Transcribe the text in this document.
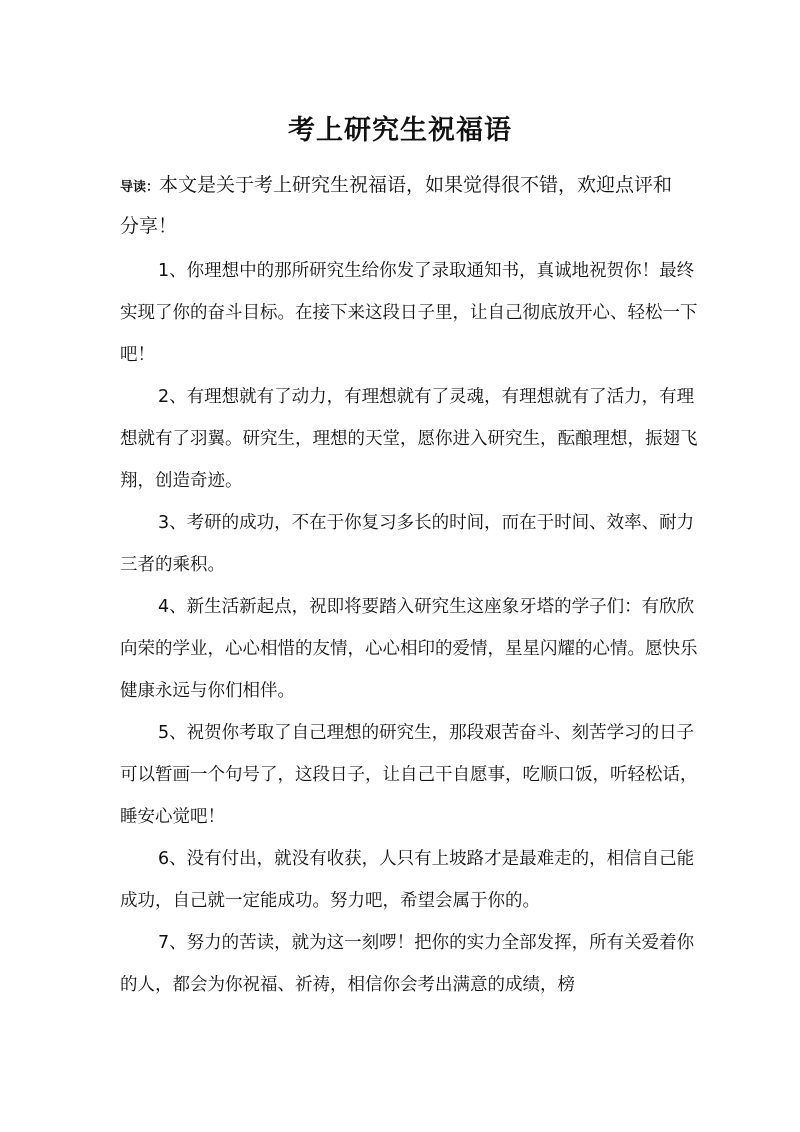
考上研究生祝福语

导读：本文是关于考上研究生祝福语，如果觉得很不错，欢迎点评和分享！

1、你理想中的那所研究生给你发了录取通知书，真诚地祝贺你！最终实现了你的奋斗目标。在接下来这段日子里，让自己彻底放开心、轻松一下吧！

2、有理想就有了动力，有理想就有了灵魂，有理想就有了活力，有理想就有了羽翼。研究生，理想的天堂，愿你进入研究生，酝酿理想，振翅飞翔，创造奇迹。

3、考研的成功，不在于你复习多长的时间，而在于时间、效率、耐力三者的乘积。

4、新生活新起点，祝即将要踏入研究生这座象牙塔的学子们：有欣欣向荣的学业，心心相惜的友情，心心相印的爱情，星星闪耀的心情。愿快乐健康永远与你们相伴。

5、祝贺你考取了自己理想的研究生，那段艰苦奋斗、刻苦学习的日子可以暂画一个句号了，这段日子，让自己干自愿事，吃顺口饭，听轻松话，睡安心觉吧！

6、没有付出，就没有收获，人只有上坡路才是最难走的，相信自己能成功，自己就一定能成功。努力吧，希望会属于你的。

7、努力的苦读，就为这一刻啰！把你的实力全部发挥，所有关爱着你的人，都会为你祝福、祈祷，相信你会考出满意的成绩，榜
